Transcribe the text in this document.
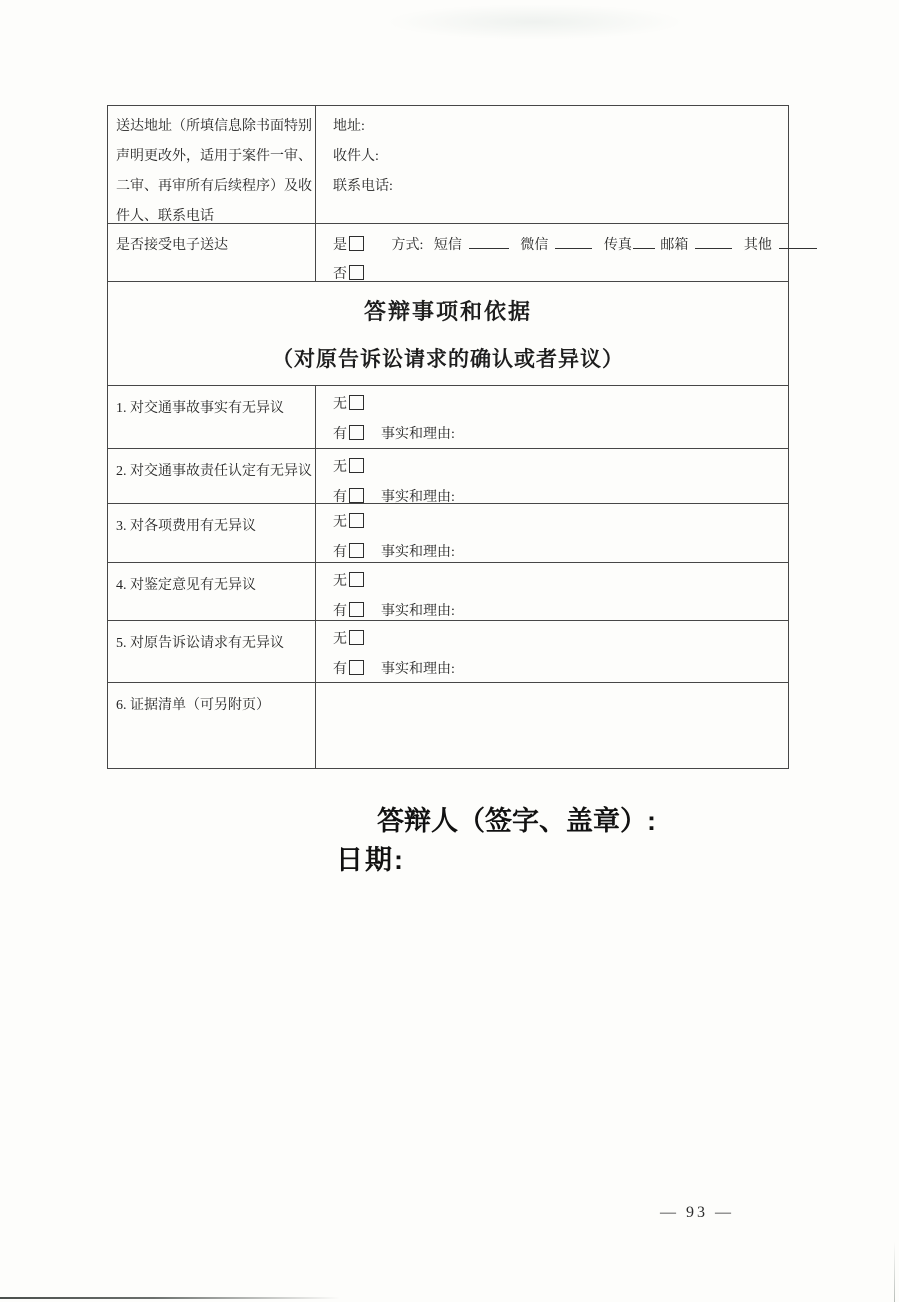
送达地址（所填信息除书面特别声明更改外，适用于案件一审、二审、再审所有后续程序）及收件人、联系电话
地址:
收件人:
联系电话:
是否接受电子送达	是	方式: 短信	微信	传真 邮箱	其他
否
答辩事项和依据
（对原告诉讼请求的确认或者异议）
1. 对交通事故事实有无异议	无
有 事实和理由:
2. 对交通事故责任认定有无异议 无
有 事实和理由:
3. 对各项费用有无异议	无
有 事实和理由:
4. 对鉴定意见有无异议	无
有 事实和理由:
5. 对原告诉讼请求有无异议	无
有 事实和理由:
6. 证据清单（可另附页）
答辩人（签字、盖章）:
日期:
— 93 —
